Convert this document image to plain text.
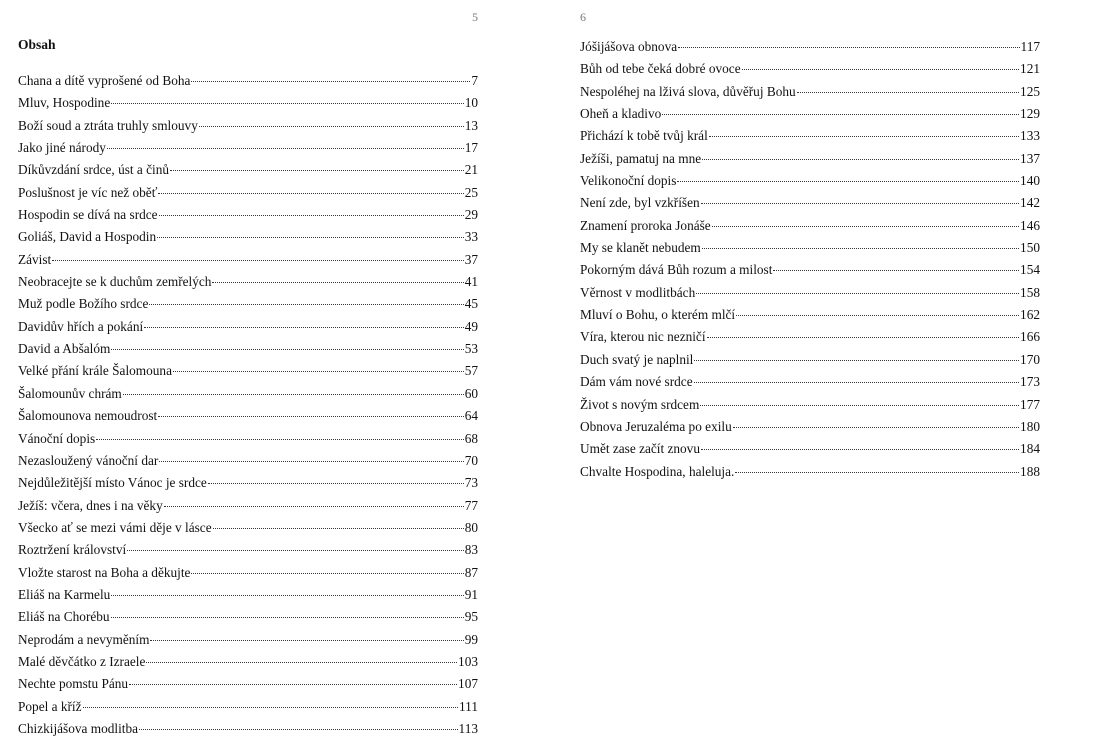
5
Obsah
Chana a dítě vyprošené od Boha	7
Mluv, Hospodine	10
Boží soud a ztráta truhly smlouvy	13
Jako jiné národy	17
Díkůvzdání srdce, úst a činů	21
Poslušnost je víc než oběť	25
Hospodin se dívá na srdce	29
Goliáš, David a Hospodin	33
Závist	37
Neobracejte se k duchům zemřelých	41
Muž podle Božího srdce	45
Davidův hřích a pokání	49
David a Abšalóm	53
Velké přání krále Šalomouna	57
Šalomounův chrám	60
Šalomounova nemoudrost	64
Vánoční dopis	68
Nezasloužený vánoční dar	70
Nejdůležitější místo Vánoc je srdce	73
Ježíš: včera, dnes i na věky	77
Všecko ať se mezi vámi děje v lásce	80
Roztržení království	83
Vložte starost na Boha a děkujte	87
Eliáš na Karmelu	91
Eliáš na Chorébu	95
Neprodám a nevyměním	99
Malé děvčátko z Izraele	103
Nechte pomstu Pánu	107
Popel a kříž	111
Chizkijášova modlitba	113
6
Jóšijášova obnova	117
Bůh od tebe čeká dobré ovoce	121
Nespoléhej na lživá slova, důvěřuj Bohu	125
Oheň a kladivo	129
Přichází k tobě tvůj král	133
Ježíši, pamatuj na mne	137
Velikonoční dopis	140
Není zde, byl vzkříšen	142
Znamení proroka Jonáše	146
My se klanět nebudem	150
Pokorným dává Bůh rozum a milost	154
Věrnost v modlitbách	158
Mluví o Bohu, o kterém mlčí	162
Víra, kterou nic nezničí	166
Duch svatý je naplnil	170
Dám vám nové srdce	173
Život s novým srdcem	177
Obnova Jeruzaléma po exilu	180
Umět zase začít znovu	184
Chvalte Hospodina, haleluja.	188
